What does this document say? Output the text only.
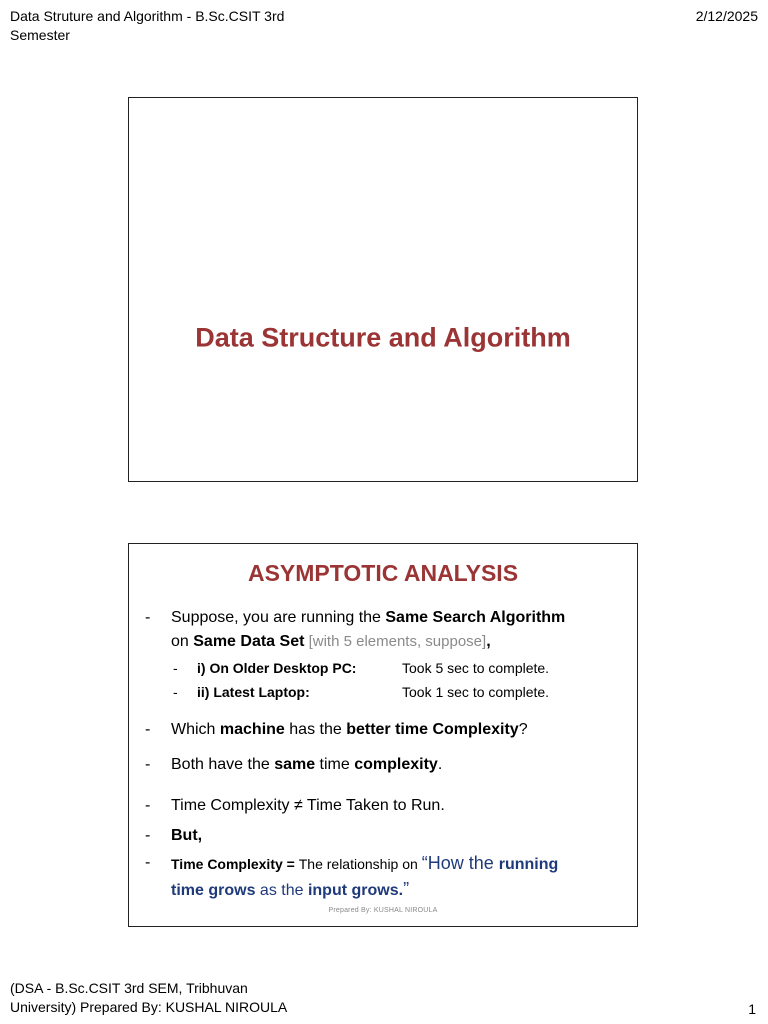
Data Struture and Algorithm - B.Sc.CSIT 3rd Semester
2/12/2025
Data Structure and Algorithm
ASYMPTOTIC ANALYSIS
-	Suppose, you are running the Same Search Algorithm
on Same Data Set [with 5 elements, suppose],
-	i) On Older Desktop PC:	Took 5 sec to complete.
-	ii) Latest Laptop:	Took 1 sec to complete.
-	Which machine has the better time Complexity?
-	Both have the same time complexity.
-	Time Complexity ≠ Time Taken to Run.
-	But,
-	Time Complexity = The relationship on “How the running
time grows as the input grows.”
Prepared By: KUSHAL NIROULA
(DSA - B.Sc.CSIT 3rd SEM, Tribhuvan University) Prepared By: KUSHAL NIROULA	1
